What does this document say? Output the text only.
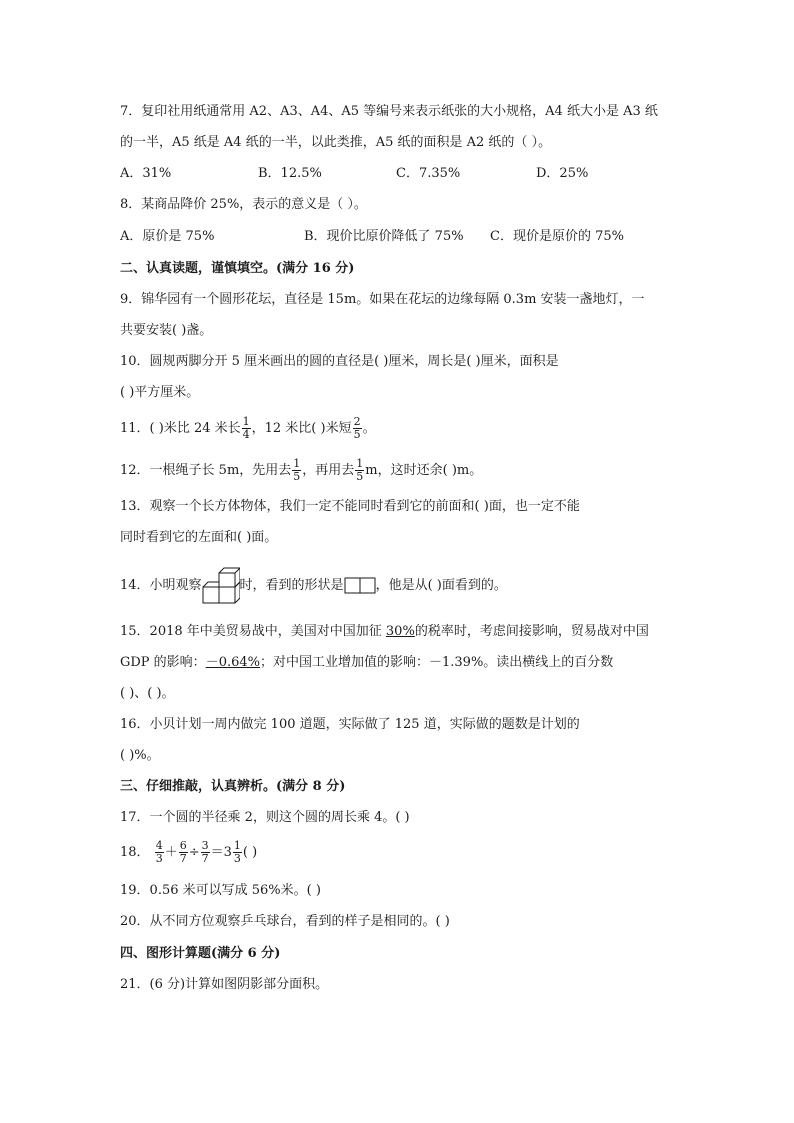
7．复印社用纸通常用 A2、A3、A4、A5 等编号来表示纸张的大小规格，A4 纸大小是 A3 纸
的一半，A5 纸是 A4 纸的一半，以此类推，A5 纸的面积是 A2 纸的（ ）。
A．31%	B．12.5%	C．7.35%	D．25%
8．某商品降价 25%，表示的意义是（ ）。
A．原价是 75%	B．现价比原价降低了 75% C．现价是原价的 75%
二、认真读题，谨慎填空。(满分 16 分)
9．锦华园有一个圆形花坛，直径是 15m。如果在花坛的边缘每隔 0.3m 安装一盏地灯，一
共要安装( )盏。
10．圆规两脚分开 5 厘米画出的圆的直径是( )厘米，周长是( )厘米，面积是
( )平方厘米。
11．( )米比 24 米长 $\frac{1}{4}$ ，12 米比( )米短 $\frac{2}{5}$ 。
12．一根绳子长 5m，先用去 $\frac{1}{5}$ ，再用去 $\frac{1}{5}$ m，这时还余( )m。
13．观察一个长方体物体，我们一定不能同时看到它的前面和( )面，也一定不能
同时看到它的左面和( )面。
14．小明观察	时，看到的形状是 ，他是从( )面看到的。
15．2018 年中美贸易战中，美国对中国加征 30%的税率时，考虑间接影响，贸易战对中国
GDP 的影响：－0.64%；对中国工业增加值的影响：－1.39%。读出横线上的百分数
( )、( )。
16．小贝计划一周内做完 100 道题，实际做了 125 道，实际做的题数是计划的
( )%。
三、仔细推敲，认真辨析。(满分 8 分)
17．一个圆的半径乘 2，则这个圆的周长乘 4。( )
18． $\frac{4}{3} + \frac{6}{7} \div \frac{3}{7} =3 \frac{1}{3}$ ( )
19．0.56 米可以写成 56%米。( )
20．从不同方位观察乒乓球台，看到的样子是相同的。( )
四、图形计算题(满分 6 分)
21．(6 分)计算如图阴影部分面积。
